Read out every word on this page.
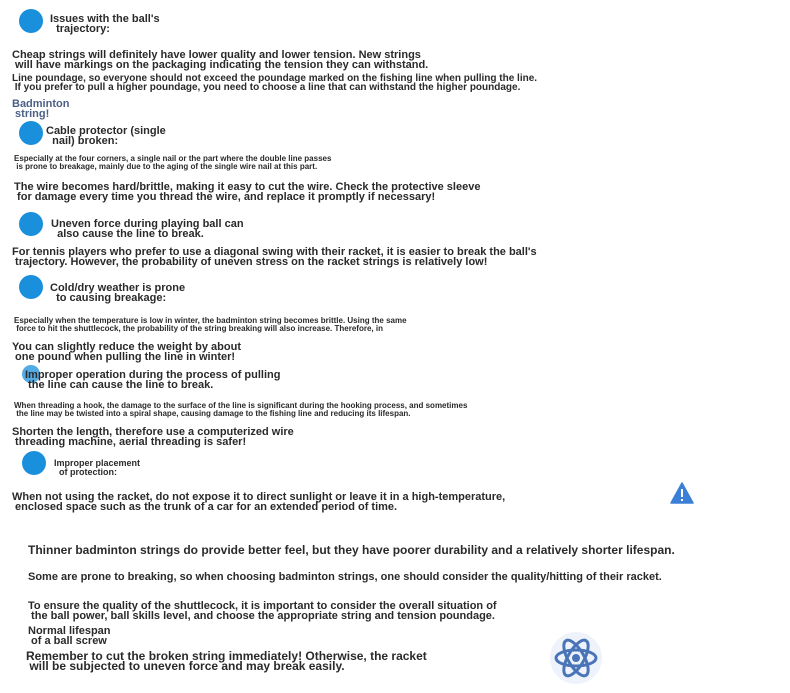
Issues with the ball's
trajectory:
Cheap strings will definitely have lower quality and lower tension. New strings
will have markings on the packaging indicating the tension they can withstand.
Line poundage, so everyone should not exceed the poundage marked on the fishing line when pulling the line.
If you prefer to pull a higher poundage, you need to choose a line that can withstand the higher poundage.
Badminton
string!
Cable protector (single
nail) broken:
Especially at the four corners, a single nail or the part where the double line passes
is prone to breakage, mainly due to the aging of the single wire nail at this part.
The wire becomes hard/brittle, making it easy to cut the wire. Check the protective sleeve
for damage every time you thread the wire, and replace it promptly if necessary!
Uneven force during playing ball can
also cause the line to break.
For tennis players who prefer to use a diagonal swing with their racket, it is easier to break the ball's
trajectory. However, the probability of uneven stress on the racket strings is relatively low!
Cold/dry weather is prone
to causing breakage:
Especially when the temperature is low in winter, the badminton string becomes brittle. Using the same
force to hit the shuttlecock, the probability of the string breaking will also increase. Therefore, in
You can slightly reduce the weight by about
one pound when pulling the line in winter!
Improper operation during the process of pulling
the line can cause the line to break.
When threading a hook, the damage to the surface of the line is significant during the hooking process, and sometimes
the line may be twisted into a spiral shape, causing damage to the fishing line and reducing its lifespan.
Shorten the length, therefore use a computerized wire
threading machine, aerial threading is safer!
Improper placement
of protection:
When not using the racket, do not expose it to direct sunlight or leave it in a high-temperature,
enclosed space such as the trunk of a car for an extended period of time.
Thinner badminton strings do provide better feel, but they have poorer durability and a relatively shorter lifespan.
Some are prone to breaking, so when choosing badminton strings, one should consider the quality/hitting of their racket.
To ensure the quality of the shuttlecock, it is important to consider the overall situation of
the ball power, ball skills level, and choose the appropriate string and tension poundage.
Normal lifespan
of a ball screw
Remember to cut the broken string immediately! Otherwise, the racket
will be subjected to uneven force and may break easily.
